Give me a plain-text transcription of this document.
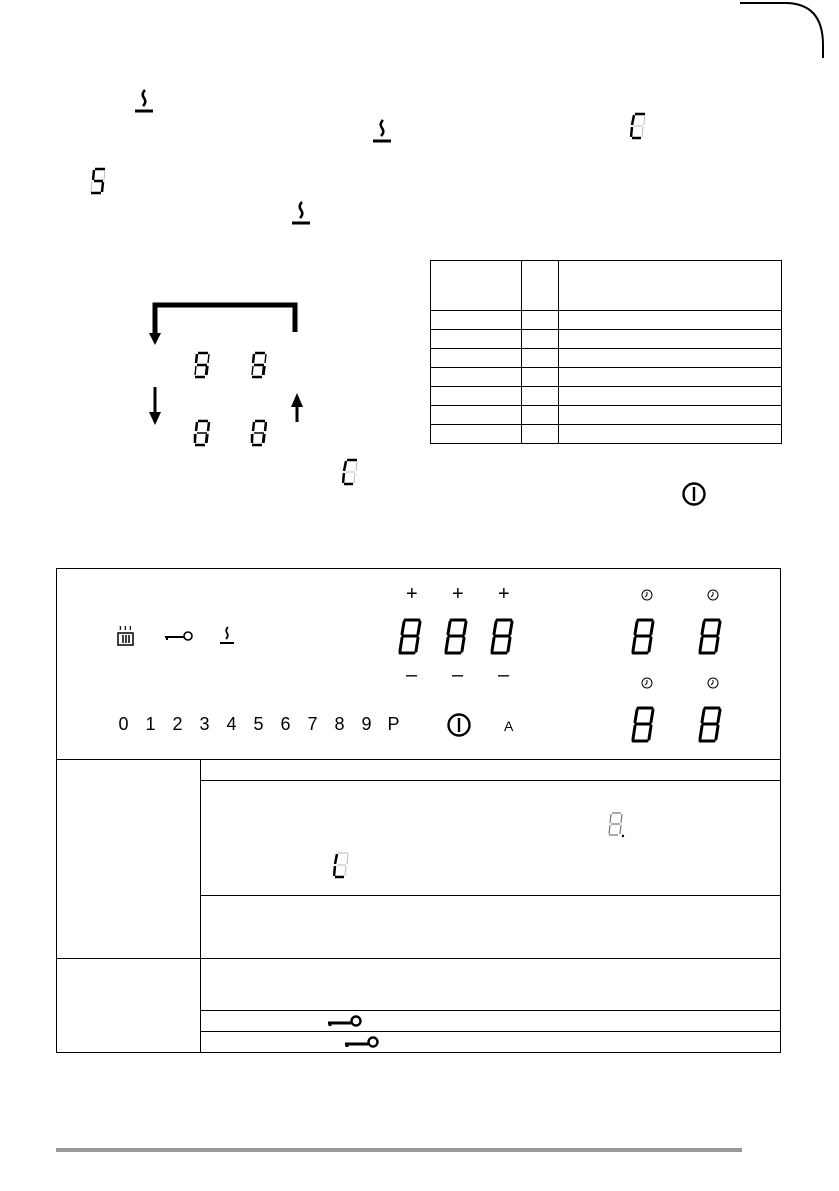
+ + +
– – –
0 1 2 3 4 5 6 7 8 9 P	A
